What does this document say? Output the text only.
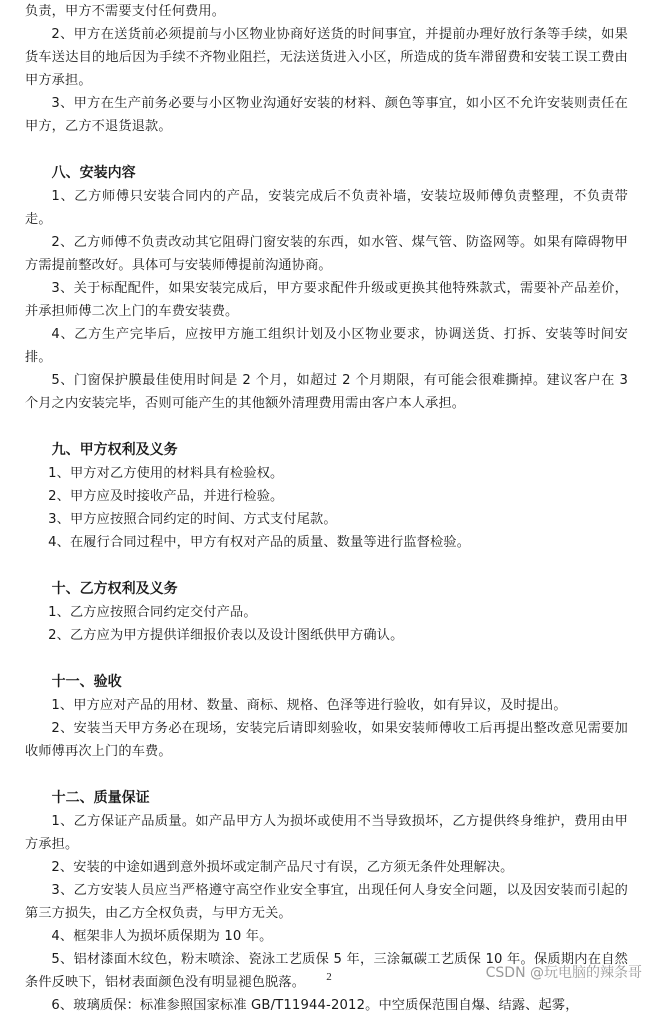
负责，甲方不需要支付任何费用。

2、甲方在送货前必须提前与小区物业协商好送货的时间事宜，并提前办理好放行条等手续，如果货车送达目的地后因为手续不齐物业阻拦，无法送货进入小区，所造成的货车滞留费和安装工误工费由甲方承担。

3、甲方在生产前务必要与小区物业沟通好安装的材料、颜色等事宜，如小区不允许安装则责任在甲方，乙方不退货退款。

八、安装内容

1、乙方师傅只安装合同内的产品，安装完成后不负责补墙，安装垃圾师傅负责整理，不负责带走。

2、乙方师傅不负责改动其它阻碍门窗安装的东西，如水管、煤气管、防盗网等。如果有障碍物甲方需提前整改好。具体可与安装师傅提前沟通协商。

3、关于标配配件，如果安装完成后，甲方要求配件升级或更换其他特殊款式，需要补产品差价，并承担师傅二次上门的车费安装费。

4、乙方生产完毕后，应按甲方施工组织计划及小区物业要求，协调送货、打拆、安装等时间安排。

5、门窗保护膜最佳使用时间是 2 个月，如超过 2 个月期限，有可能会很难撕掉。建议客户在 3 个月之内安装完毕，否则可能产生的其他额外清理费用需由客户本人承担。

九、甲方权利及义务

1、甲方对乙方使用的材料具有检验权。

2、甲方应及时接收产品，并进行检验。

3、甲方应按照合同约定的时间、方式支付尾款。

4、在履行合同过程中，甲方有权对产品的质量、数量等进行监督检验。

十、乙方权利及义务

1、乙方应按照合同约定交付产品。

2、乙方应为甲方提供详细报价表以及设计图纸供甲方确认。

十一、验收

1、甲方应对产品的用材、数量、商标、规格、色泽等进行验收，如有异议，及时提出。

2、安装当天甲方务必在现场，安装完后请即刻验收，如果安装师傅收工后再提出整改意见需要加收师傅再次上门的车费。

十二、质量保证

1、乙方保证产品质量。如产品甲方人为损坏或使用不当导致损坏，乙方提供终身维护，费用由甲方承担。

2、安装的中途如遇到意外损坏或定制产品尺寸有误，乙方须无条件处理解决。

3、乙方安装人员应当严格遵守高空作业安全事宜，出现任何人身安全问题，以及因安装而引起的第三方损失，由乙方全权负责，与甲方无关。

4、框架非人为损坏质保期为 10 年。

5、铝材漆面木纹色，粉末喷涂、瓷泳工艺质保 5 年，三涂氟碳工艺质保 10 年。保质期内在自然条件反映下，铝材表面颜色没有明显褪色脱落。

6、玻璃质保：标准参照国家标准 GB/T11944-2012。中空质保范围自爆、结露、起雾，

2	CSDN @玩电脑的辣条哥
